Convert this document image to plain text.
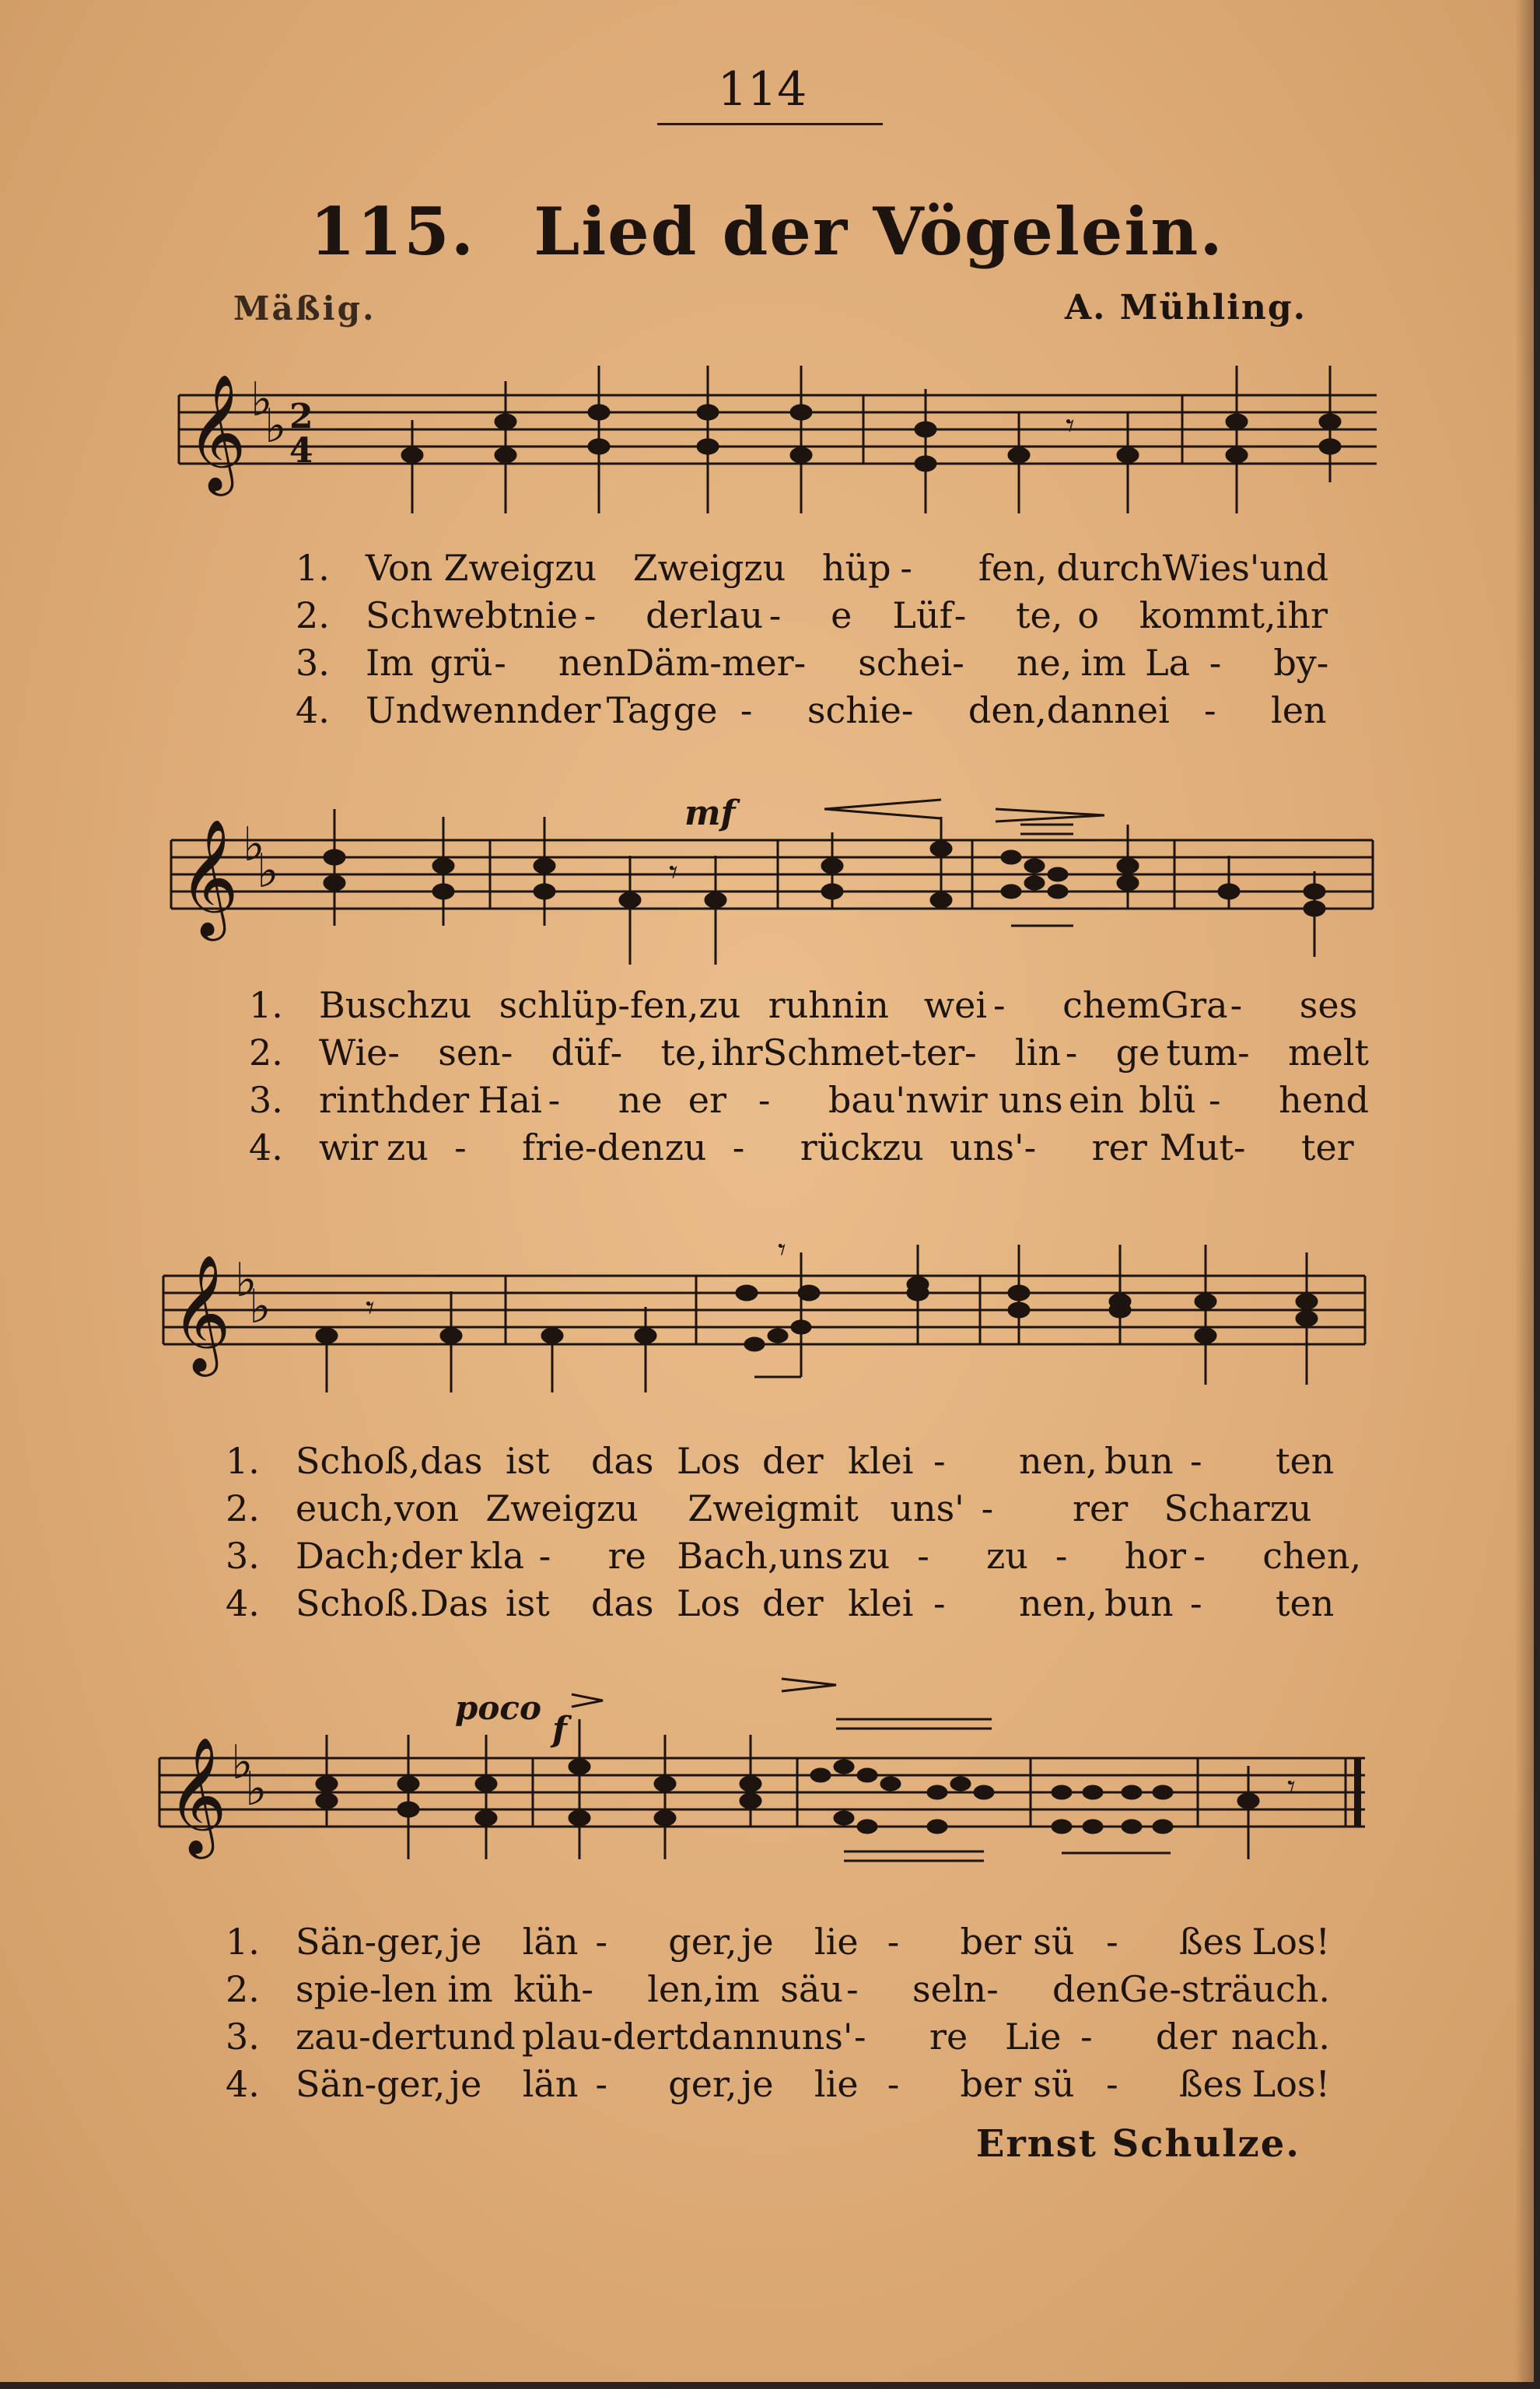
114
115. Lied der Vögelein.
Mäßig.	A. Mühling.
𝄞 ♭
♭ 2
4
𝄾
1.	Von Zweig zu	Zweig zu	hüp -	fen, durch Wies' und
2.	Schwebt nie -	der lau -	e	Lüf -	te, o	kommt, ihr
3.	Im grü -	nen Däm- mer -	schei -	ne, im La -	by-
4.	Und wenn der Tag ge -	schie -	den, dann ei -	len
𝄞 ♭
♭
mf
𝄾
1.	Busch zu schlüp-fen, zu ruhn in wei -	chem Gra -	ses
2.	Wie -	sen -	düf -	te, ihr Schmet-ter -	lin -	ge tum -	melt
3.	rinth der Hai -	ne er -	bau'n wir uns ein blü -	hend
4.	wir zu -	frie- den zu -	rück zu uns' -	rer Mut -	ter
𝄞 ♭
♭	𝄾
𝄾
1.	Schoß, das ist	das Los der klei -	nen, bun -	ten
2.	euch, von Zweig zu	Zweig mit uns' -	rer	Schar zu
3.	Dach; der kla -	re Bach, uns zu -	zu -	hor -	chen,
4.	Schoß. Das ist	das Los der klei -	nen, bun -	ten
𝄞 ♭
♭
poco
f
𝄾
1.	Sän- ger, je	län -	ger, je	lie -	ber sü -	ßes Los!
2.	spie- len im küh -	len, im säu -	seln -	den Ge-sträuch.
3.	zau-dert und plau-dert dann uns' -	re	Lie -	der nach.
4.	Sän- ger, je	län -	ger, je	lie -	ber sü -	ßes Los!
Ernst Schulze.
